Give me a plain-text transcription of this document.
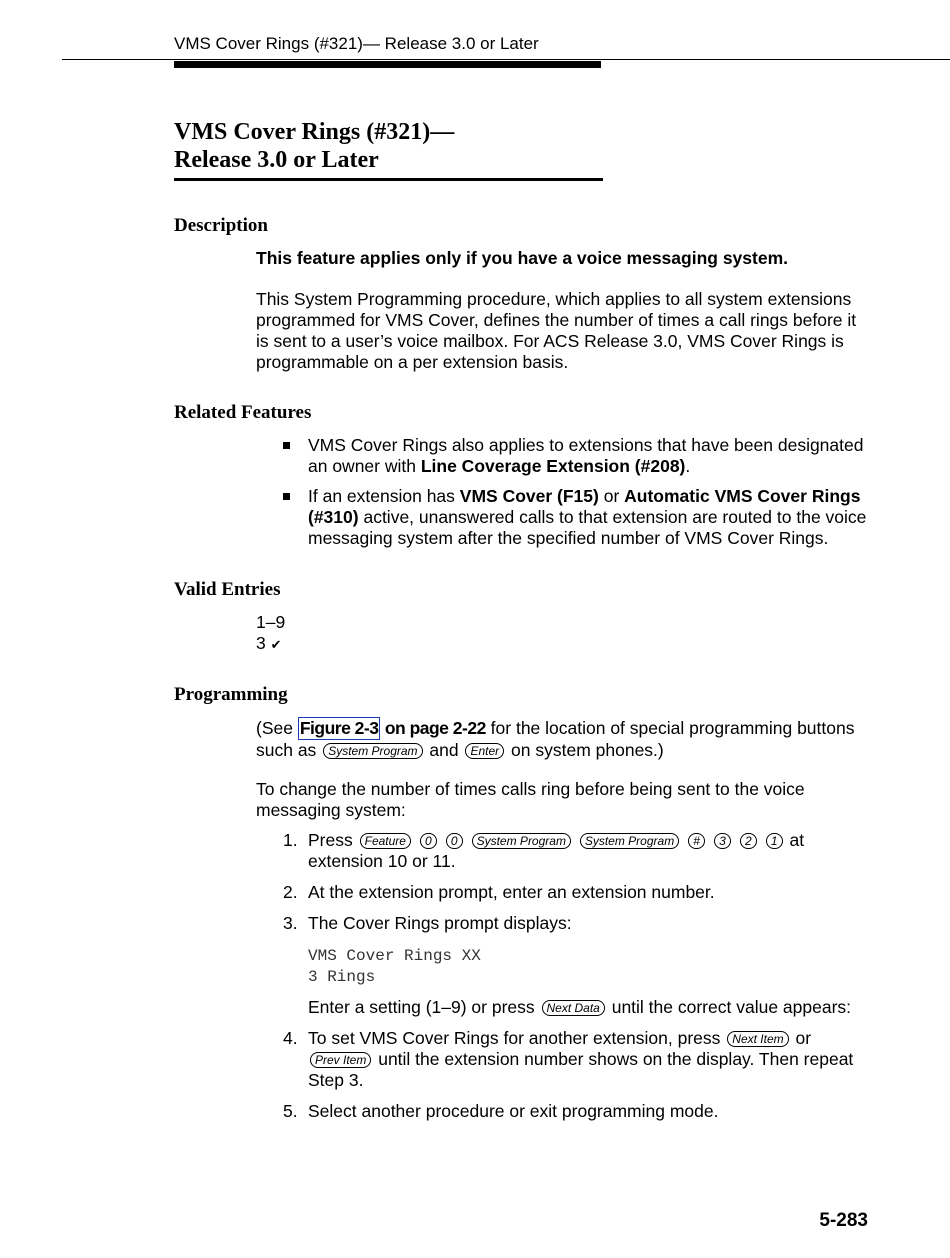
VMS Cover Rings (#321)— Release 3.0 or Later
VMS Cover Rings (#321)—
Release 3.0 or Later
Description
This feature applies only if you have a voice messaging system.
This System Programming procedure, which applies to all system extensions programmed for VMS Cover, defines the number of times a call rings before it is sent to a user’s voice mailbox. For ACS Release 3.0, VMS Cover Rings is programmable on a per extension basis.
Related Features
VMS Cover Rings also applies to extensions that have been designated an owner with Line Coverage Extension (#208).
If an extension has VMS Cover (F15) or Automatic VMS Cover Rings (#310) active, unanswered calls to that extension are routed to the voice messaging system after the specified number of VMS Cover Rings.
Valid Entries
1–9
3 ✔
Programming
(See Figure 2-3 on page 2-22 for the location of special programming buttons such as System Program and Enter on system phones.)
To change the number of times calls ring before being sent to the voice messaging system:
1. Press Feature 0 0 System Program System Program # 3 2 1 at extension 10 or 11.
2. At the extension prompt, enter an extension number.
3. The Cover Rings prompt displays:
VMS Cover Rings XX
3 Rings
Enter a setting (1–9) or press Next Data until the correct value appears:
4. To set VMS Cover Rings for another extension, press Next Item or Prev Item until the extension number shows on the display. Then repeat Step 3.
5. Select another procedure or exit programming mode.
5-283
